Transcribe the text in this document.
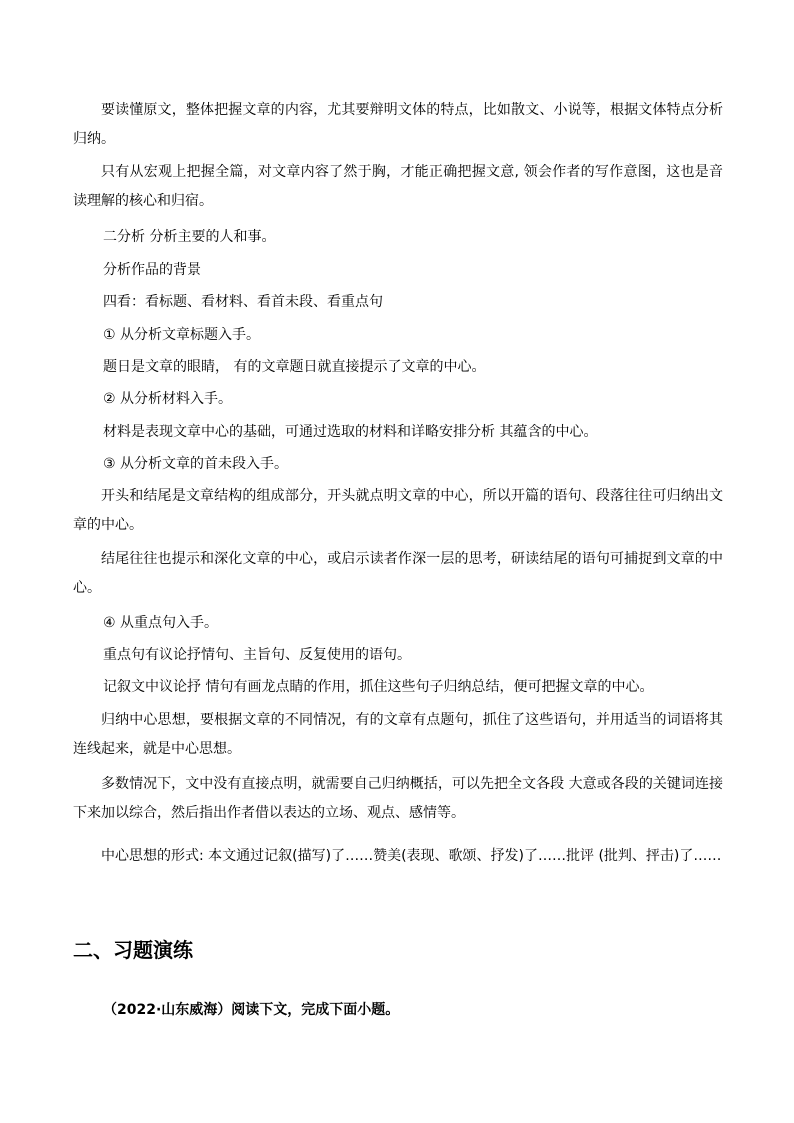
要读懂原文，整体把握文章的内容，尤其要辩明文体的特点，比如散文、小说等，根据文体特点分析归纳。

只有从宏观上把握全篇，对文章内容了然于胸，才能正确把握文意, 领会作者的写作意图，这也是音读理解的核心和归宿。

二分析 分析主要的人和事。

分析作品的背景

四看：看标题、看材料、看首未段、看重点句

① 从分析文章标题入手。

题日是文章的眼睛， 有的文章题日就直接提示了文章的中心。

② 从分析材料入手。

材料是表现文章中心的基础，可通过选取的材料和详略安排分析 其蕴含的中心。

③ 从分析文章的首未段入手。

开头和结尾是文章结构的组成部分，开头就点明文章的中心，所以开篇的语句、段落往往可归纳出文章的中心。

结尾往往也提示和深化文章的中心，或启示读者作深一层的思考，研读结尾的语句可捕捉到文章的中心。

④ 从重点句入手。

重点句有议论抒情句、主旨句、反复使用的语句。

记叙文中议论抒 情句有画龙点睛的作用，抓住这些句子归纳总结，便可把握文章的中心。

归纳中心思想，要根据文章的不同情况，有的文章有点题句，抓住了这些语句，并用适当的词语将其连线起来，就是中心思想。

多数情况下，文中没有直接点明，就需要自己归纳概括，可以先把全文各段 大意或各段的关键词连接下来加以综合，然后指出作者借以表达的立场、观点、感情等。

中心思想的形式: 本文通过记叙(描写)了……赞美(表现、歌颂、抒发)了……批评 (批判、抨击)了……

二、习题演练

（2022·山东威海）阅读下文，完成下面小题。
